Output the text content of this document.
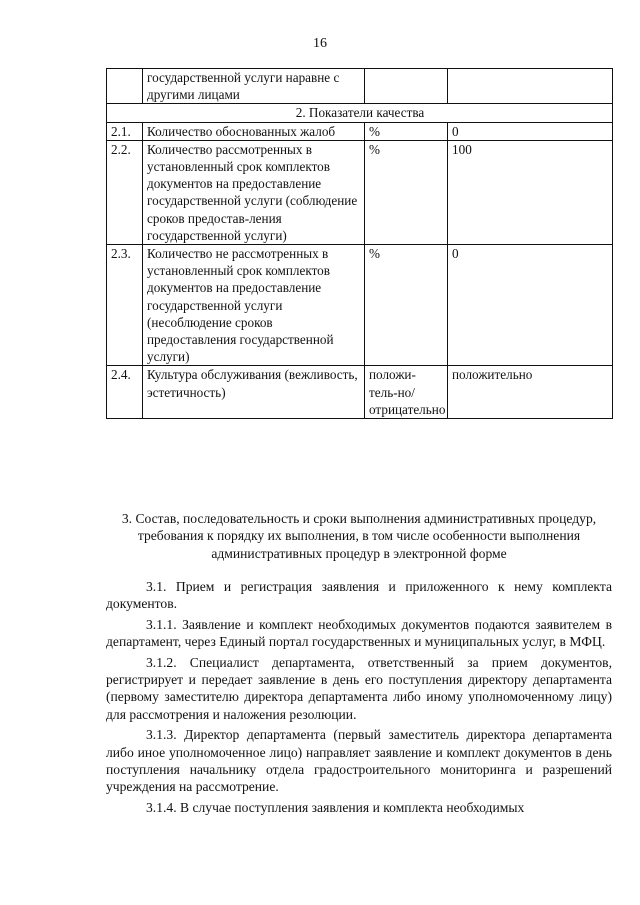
16
	государственной услуги наравне с другими лицами		
2. Показатели качества			
2.1.	Количество обоснованных жалоб	%	0
2.2.	Количество рассмотренных в установленный срок комплектов документов на предоставление государственной услуги (соблюдение сроков предостав-ления государственной услуги)	%	100
2.3.	Количество не рассмотренных в установленный срок комплектов документов на предоставление государственной услуги (несоблюдение сроков предоставления государственной услуги)	%	0
2.4.	Культура обслуживания (вежливость, эстетичность)	положи-тель-но/отрицательно	положительно
3. Состав, последовательность и сроки выполнения административных процедур, требования к порядку их выполнения, в том числе особенности выполнения административных процедур в электронной форме

3.1. Прием и регистрация заявления и приложенного к нему комплекта документов.

3.1.1. Заявление и комплект необходимых документов подаются заявителем в департамент, через Единый портал государственных и муниципальных услуг, в МФЦ.

3.1.2. Специалист департамента, ответственный за прием документов, регистрирует и передает заявление в день его поступления директору департамента (первому заместителю директора департамента либо иному уполномоченному лицу) для рассмотрения и наложения резолюции.

3.1.3. Директор департамента (первый заместитель директора департамента либо иное уполномоченное лицо) направляет заявление и комплект документов в день поступления начальнику отдела градостроительного мониторинга и разрешений учреждения на рассмотрение.

3.1.4. В случае поступления заявления и комплекта необходимых
